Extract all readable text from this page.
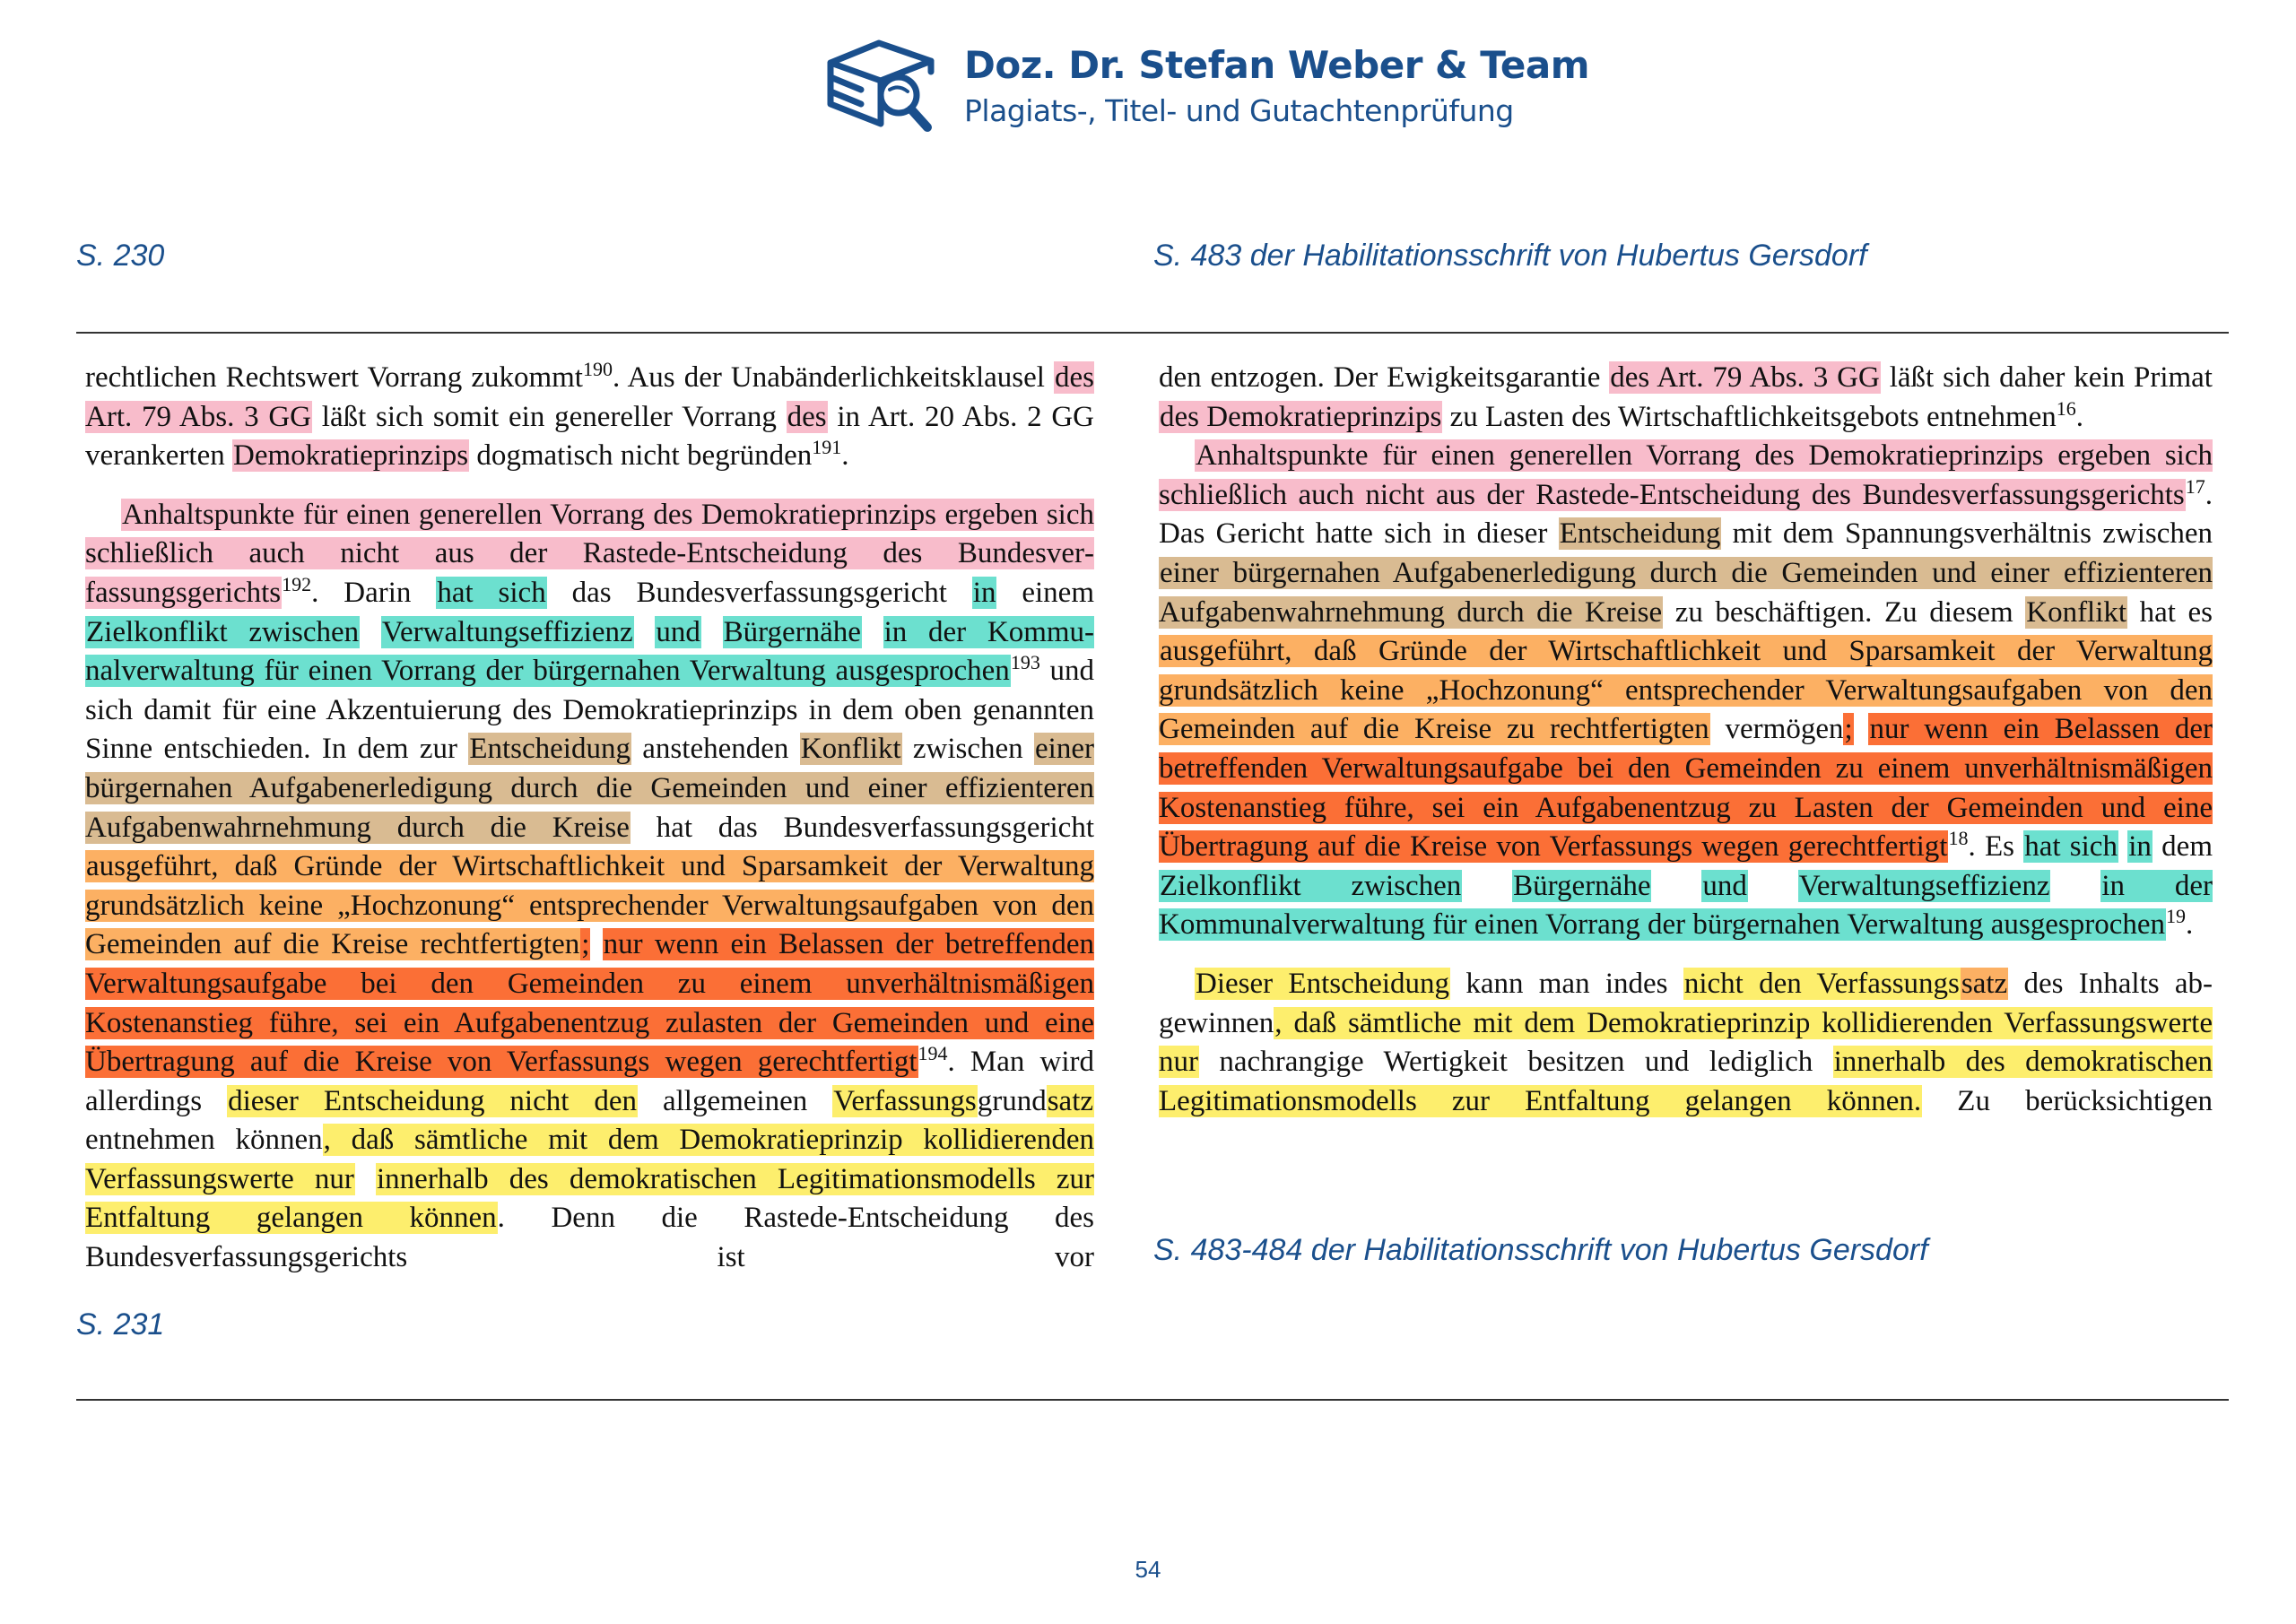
Doz. Dr. Stefan Weber & Team
Plagiats-, Titel- und Gutachtenprüfung
S. 230	S. 483 der Habilitationsschrift von Hubertus Gersdorf

rechtlichen Rechtswert Vorrang zukommt$^{190}$. Aus der Unabänderlichkeitsklausel des Art. 79 Abs. 3 GG läßt sich somit ein genereller Vorrang des in Art. 20 Abs. 2 GG verankerten Demokratieprinzips dogmatisch nicht begründen$^{191}$.

Anhaltspunkte für einen generellen Vorrang des Demokratieprinzips ergeben sich schließlich auch nicht aus der Rastede-Entscheidung des Bundesverfassungsgerichts$^{192}$. Darin hat sich das Bundesverfassungsgericht in einem Zielkonflikt zwischen Verwaltungseffizienz und Bürgernähe in der Kommunalverwaltung für einen Vorrang der bürgernahen Verwaltung ausgesprochen$^{193}$ und sich damit für eine Akzentuierung des Demokratieprinzips in dem oben genannten Sinne entschieden. In dem zur Entscheidung anstehenden Konflikt zwischen einer bürgernahen Aufgabenerledigung durch die Gemeinden und einer effizienteren Aufgabenwahrnehmung durch die Kreise hat das Bundesverfassungsgericht ausgeführt, daß Gründe der Wirtschaftlichkeit und Sparsamkeit der Verwaltung grundsätzlich keine „Hochzonung“ entsprechender Verwaltungsaufgaben von den Gemeinden auf die Kreise rechtfertigten; nur wenn ein Belassen der betreffenden Verwaltungsaufgabe bei den Gemeinden zu einem unverhältnismäßigen Kostenanstieg führe, sei ein Aufgabenentzug zulasten der Gemeinden und eine Übertragung auf die Kreise von Verfassungs wegen gerechtfertigt$^{194}$. Man wird allerdings dieser Entscheidung nicht den allgemeinen Verfassungsgrundsatz entnehmen können, daß sämtliche mit dem Demokratieprinzip kollidierenden Verfassungswerte nur innerhalb des demokratischen Legitimationsmodells zur Entfaltung gelangen können. Denn die Rastede-Entscheidung des Bundesverfassungsgerichts ist vor

den entzogen. Der Ewigkeitsgarantie des Art. 79 Abs. 3 GG läßt sich daher kein Primat des Demokratieprinzips zu Lasten des Wirtschaftlichkeitsgebots entnehmen$^{16}$.

Anhaltspunkte für einen generellen Vorrang des Demokratieprinzips ergeben sich schließlich auch nicht aus der Rastede-Entscheidung des Bundesverfassungsgerichts$^{17}$. Das Gericht hatte sich in dieser Entscheidung mit dem Spannungsverhältnis zwischen einer bürgernahen Aufgabenerledigung durch die Gemeinden und einer effizienteren Aufgabenwahrnehmung durch die Kreise zu beschäftigen. Zu diesem Konflikt hat es ausgeführt, daß Gründe der Wirtschaftlichkeit und Sparsamkeit der Verwaltung grundsätzlich keine „Hochzonung“ entsprechender Verwaltungsaufgaben von den Gemeinden auf die Kreise zu rechtfertigten vermögen; nur wenn ein Belassen der betreffenden Verwaltungsaufgabe bei den Gemeinden zu einem unverhältnismäßigen Kostenanstieg führe, sei ein Aufgabenentzug zu Lasten der Gemeinden und eine Übertragung auf die Kreise von Verfassungs wegen gerechtfertigt$^{18}$. Es hat sich in dem Zielkonflikt zwischen Bürgernähe und Verwaltungseffizienz in der Kommunalverwaltung für einen Vorrang der bürgernahen Verwaltung ausgesprochen$^{19}$.

Dieser Entscheidung kann man indes nicht den Verfassungssatz des Inhalts abgewinnen, daß sämtliche mit dem Demokratieprinzip kollidierenden Verfassungswerte nur nachrangige Wertigkeit besitzen und lediglich innerhalb des demokratischen Legitimationsmodells zur Entfaltung gelangen können. Zu berücksichtigen

S. 231
S. 483-484 der Habilitationsschrift von Hubertus Gersdorf
54
